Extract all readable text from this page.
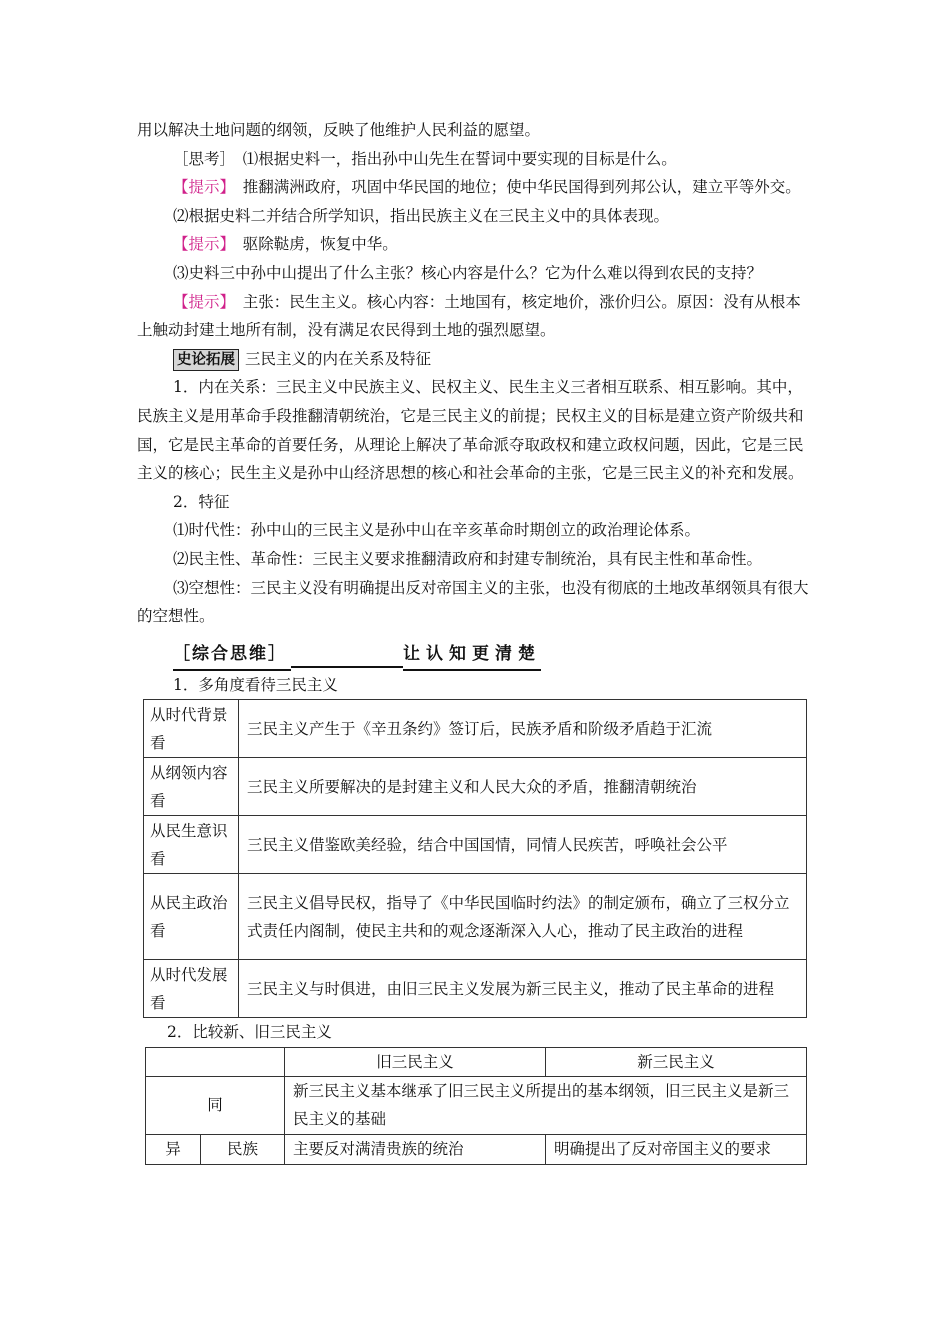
用以解决土地问题的纲领，反映了他维护人民利益的愿望。

［思考］　 ⑴根据史料一，指出孙中山先生在誓词中要实现的目标是什么。

【提示】　 推翻满洲政府，巩固中华民国的地位；使中华民国得到列邦公认，建立平等外交。

⑵根据史料二并结合所学知识，指出民族主义在三民主义中的具体表现。

【提示】　 驱除鞑虏，恢复中华。

⑶史料三中孙中山提出了什么主张？核心内容是什么？它为什么难以得到农民的支持？

【提示】　 主张：民生主义。核心内容：土地国有，核定地价，涨价归公。原因：没有从根本上触动封建土地所有制，没有满足农民得到土地的强烈愿望。

史论拓展 三民主义的内在关系及特征

1．内在关系：三民主义中民族主义、民权主义、民生主义三者相互联系、相互影响。其中，民族主义是用革命手段推翻清朝统治，它是三民主义的前提；民权主义的目标是建立资产阶级共和国，它是民主革命的首要任务，从理论上解决了革命派夺取政权和建立政权问题，因此，它是三民主义的核心；民生主义是孙中山经济思想的核心和社会革命的主张，它是三民主义的补充和发展。

2．特征

⑴时代性：孙中山的三民主义是孙中山在辛亥革命时期创立的政治理论体系。

⑵民主性、革命性：三民主义要求推翻清政府和封建专制统治，具有民主性和革命性。

⑶空想性：三民主义没有明确提出反对帝国主义的主张，也没有彻底的土地改革纲领具有很大的空想性。

［综合思维］	让认知更清楚

1．多角度看待三民主义

从时代背景看	三民主义产生于《辛丑条约》签订后，民族矛盾和阶级矛盾趋于汇流
从纲领内容看	三民主义所要解决的是封建主义和人民大众的矛盾，推翻清朝统治
从民生意识看	三民主义借鉴欧美经验，结合中国国情，同情人民疾苦，呼唤社会公平
从民主政治看	三民主义倡导民权，指导了《中华民国临时约法》的制定颁布，确立了三权分立式责任内阁制，使民主共和的观念逐渐深入人心，推动了民主政治的进程
从时代发展看	三民主义与时俱进，由旧三民主义发展为新三民主义，推动了民主革命的进程

2．比较新、旧三民主义

		旧三民主义	新三民主义
同		新三民主义基本继承了旧三民主义所提出的基本纲领，旧三民主义是新三民主义的基础	
异	民族	主要反对满清贵族的统治	明确提出了反对帝国主义的要求
